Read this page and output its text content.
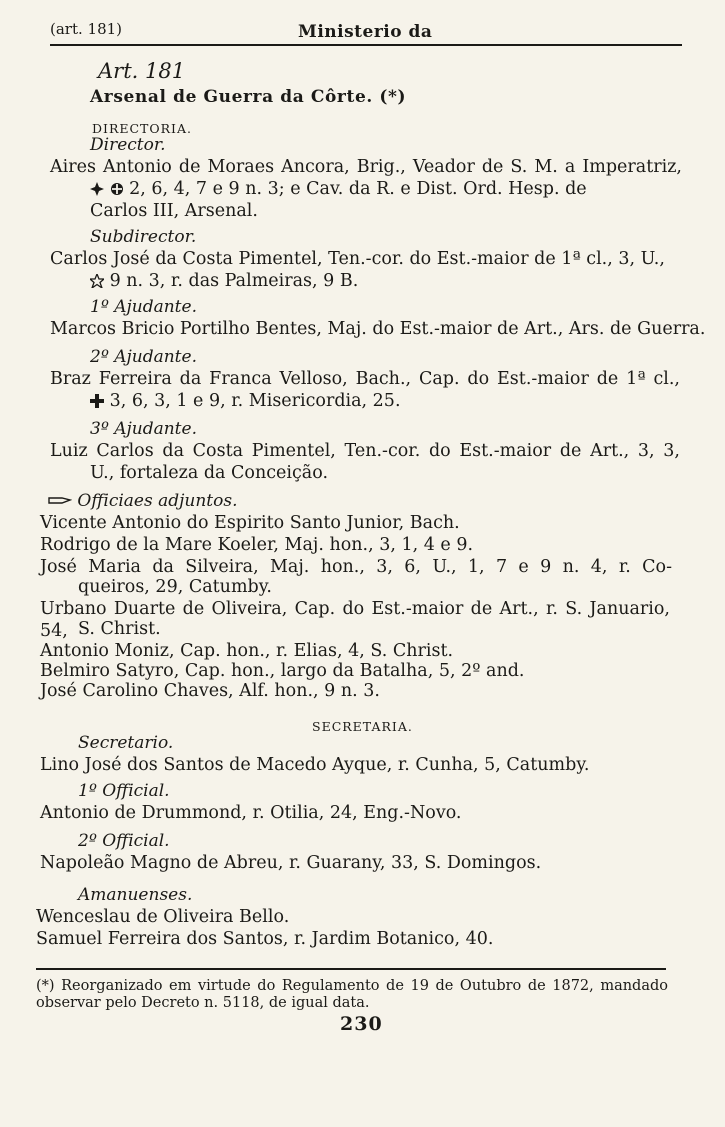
(art. 181)	Ministerio da
Art. 181
Arsenal de Guerra da Côrte. (*)
DIRECTORIA.
Director.
Aires Antonio de Moraes Ancora, Brig., Veador de S. M. a Imperatriz,
2, 6, 4, 7 e 9 n. 3; e Cav. da R. e Dist. Ord. Hesp. de
Carlos III, Arsenal.
Subdirector.
Carlos José da Costa Pimentel, Ten.-cor. do Est.-maior de 1ª cl., 3, U.,
9 n. 3, r. das Palmeiras, 9 B.
1º Ajudante.
Marcos Bricio Portilho Bentes, Maj. do Est.-maior de Art., Ars. de Guerra.
2º Ajudante.
Braz Ferreira da Franca Velloso, Bach., Cap. do Est.-maior de 1ª cl.,
3, 6, 3, 1 e 9, r. Misericordia, 25.
3º Ajudante.
Luiz Carlos da Costa Pimentel, Ten.-cor. do Est.-maior de Art., 3, 3,
U., fortaleza da Conceição.
Officiaes adjuntos.
Vicente Antonio do Espirito Santo Junior, Bach.
Rodrigo de la Mare Koeler, Maj. hon., 3, 1, 4 e 9.
José Maria da Silveira, Maj. hon., 3, 6, U., 1, 7 e 9 n. 4, r. Co-
queiros, 29, Catumby.
Urbano Duarte de Oliveira, Cap. do Est.-maior de Art., r. S. Januario, 54, S. Christ.
Antonio Moniz, Cap. hon., r. Elias, 4, S. Christ.
Belmiro Satyro, Cap. hon., largo da Batalha, 5, 2º and.
José Carolino Chaves, Alf. hon., 9 n. 3.
SECRETARIA.
Secretario.
Lino José dos Santos de Macedo Ayque, r. Cunha, 5, Catumby.
1º Official.
Antonio de Drummond, r. Otilia, 24, Eng.-Novo.
2º Official.
Napoleão Magno de Abreu, r. Guarany, 33, S. Domingos.
Amanuenses.
Wenceslau de Oliveira Bello.
Samuel Ferreira dos Santos, r. Jardim Botanico, 40.
(*) Reorganizado em virtude do Regulamento de 19 de Outubro de 1872, mandado
observar pelo Decreto n. 5118, de igual data.
230
